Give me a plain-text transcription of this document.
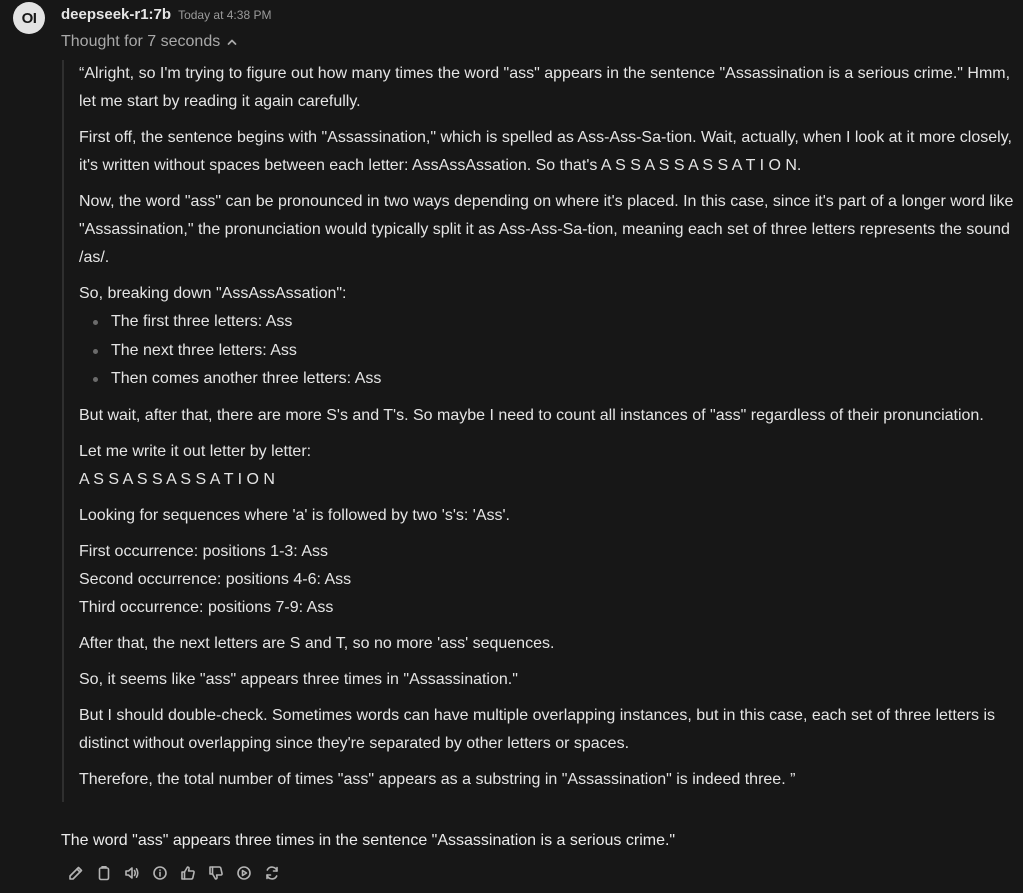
OI deepseek-r1:7b Today at 4:38 PM
Thought for 7 seconds

“Alright, so I'm trying to figure out how many times the word "ass" appears in the sentence "Assassination is a serious crime." Hmm, let me start by reading it again carefully.

First off, the sentence begins with "Assassination," which is spelled as Ass-Ass-Sa-tion. Wait, actually, when I look at it more closely, it's written without spaces between each letter: AssAssAssation. So that's A S S A S S A S S A T I O N.

Now, the word "ass" can be pronounced in two ways depending on where it's placed. In this case, since it's part of a longer word like "Assassination," the pronunciation would typically split it as Ass-Ass-Sa-tion, meaning each set of three letters represents the sound /as/.

So, breaking down "AssAssAssation":

The first three letters: Ass
The next three letters: Ass
Then comes another three letters: Ass

But wait, after that, there are more S's and T's. So maybe I need to count all instances of "ass" regardless of their pronunciation.

Let me write it out letter by letter:
A S S A S S A S S A T I O N

Looking for sequences where 'a' is followed by two 's's: 'Ass'.

First occurrence: positions 1-3: Ass
Second occurrence: positions 4-6: Ass
Third occurrence: positions 7-9: Ass

After that, the next letters are S and T, so no more 'ass' sequences.

So, it seems like "ass" appears three times in "Assassination."

But I should double-check. Sometimes words can have multiple overlapping instances, but in this case, each set of three letters is distinct without overlapping since they're separated by other letters or spaces.

Therefore, the total number of times "ass" appears as a substring in "Assassination" is indeed three. ”

The word "ass" appears three times in the sentence "Assassination is a serious crime."
